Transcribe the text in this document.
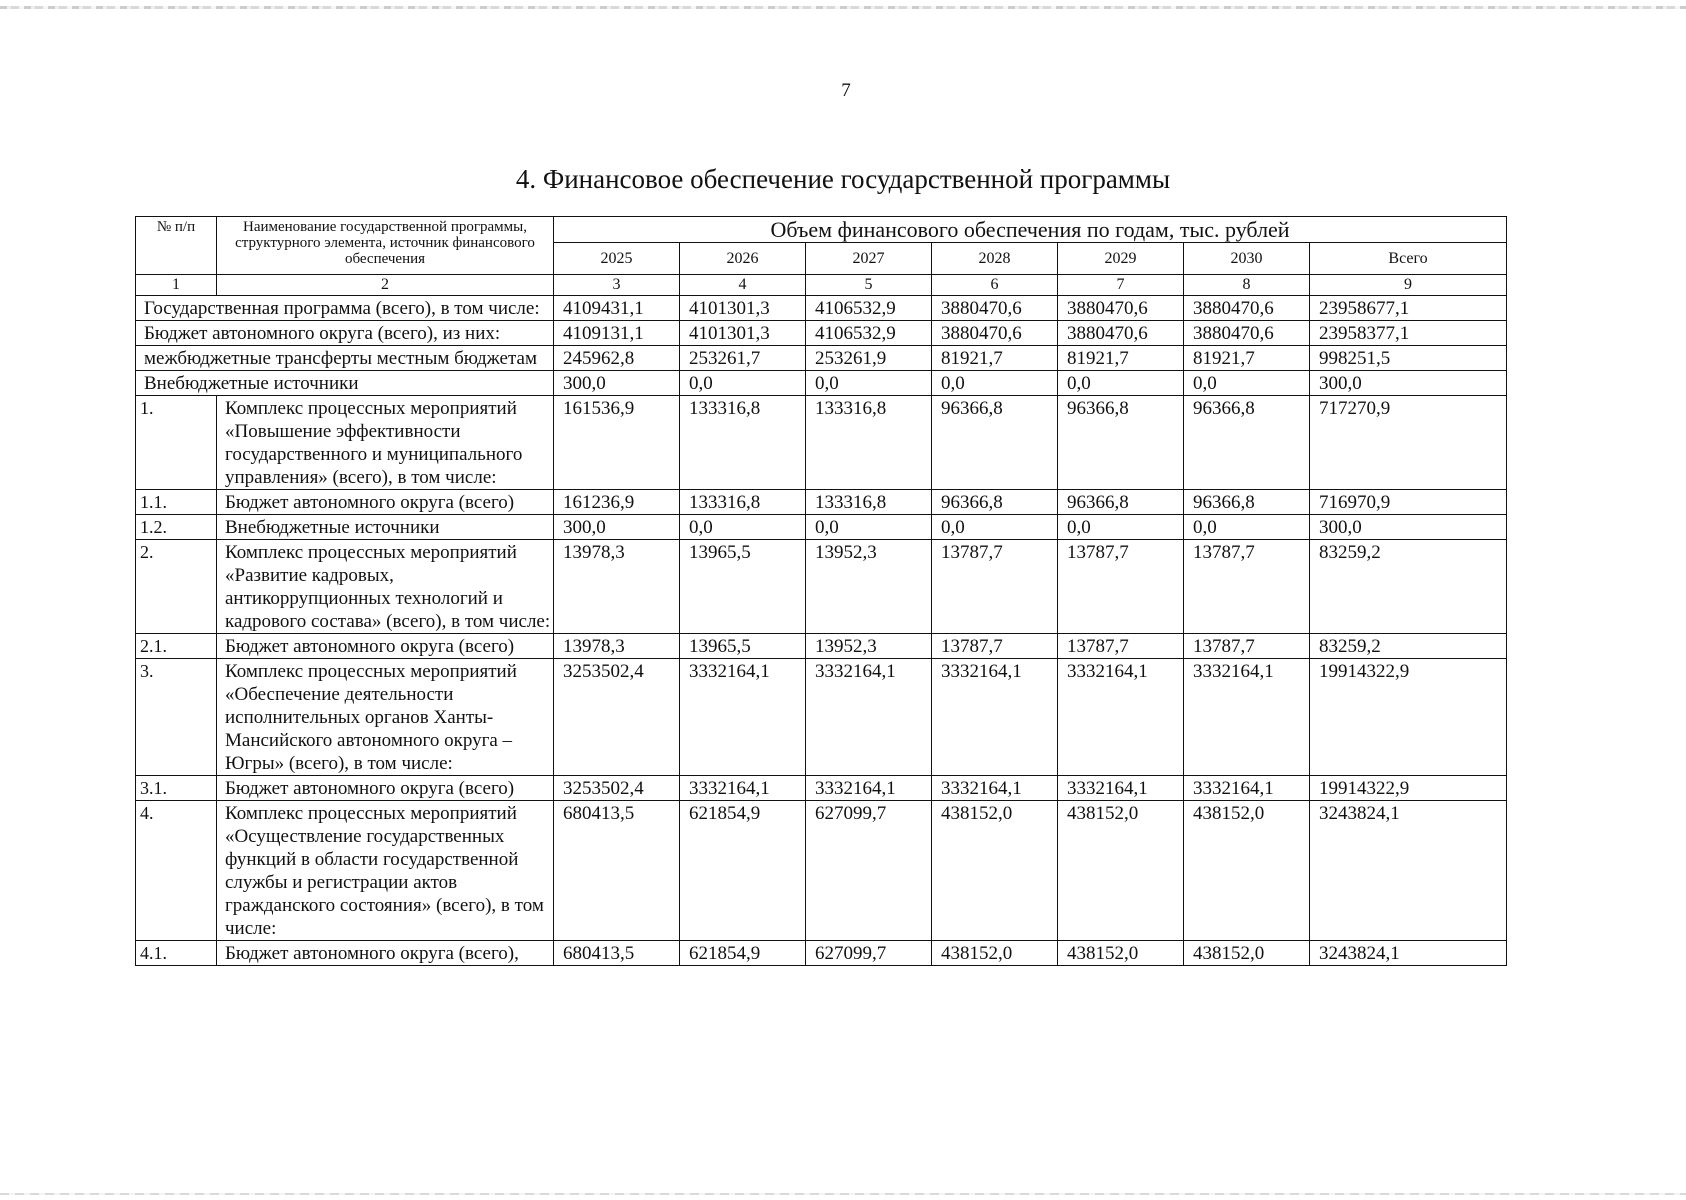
7
4. Финансовое обеспечение государственной программы
№ п/п	Наименование государственной программы, структурного элемента, источник финансового обеспечения	Объем финансового обеспечения по годам, тыс. рублей						
		2025	2026	2027	2028	2029	2030	Всего
1	2	3	4	5	6	7	8	9
Государственная программа (всего), в том числе:		4109431,1	4101301,3	4106532,9	3880470,6	3880470,6	3880470,6	23958677,1
Бюджет автономного округа (всего), из них:		4109131,1	4101301,3	4106532,9	3880470,6	3880470,6	3880470,6	23958377,1
межбюджетные трансферты местным бюджетам		245962,8	253261,7	253261,9	81921,7	81921,7	81921,7	998251,5
Внебюджетные источники		300,0	0,0	0,0	0,0	0,0	0,0	300,0
1.	Комплекс процессных мероприятий «Повышение эффективности государственного и муниципального управления» (всего), в том числе:	161536,9	133316,8	133316,8	96366,8	96366,8	96366,8	717270,9
1.1.	Бюджет автономного округа (всего)	161236,9	133316,8	133316,8	96366,8	96366,8	96366,8	716970,9
1.2.	Внебюджетные источники	300,0	0,0	0,0	0,0	0,0	0,0	300,0
2.	Комплекс процессных мероприятий «Развитие кадровых, антикоррупционных технологий и кадрового состава» (всего), в том числе:	13978,3	13965,5	13952,3	13787,7	13787,7	13787,7	83259,2
2.1.	Бюджет автономного округа (всего)	13978,3	13965,5	13952,3	13787,7	13787,7	13787,7	83259,2
3.	Комплекс процессных мероприятий «Обеспечение деятельности исполнительных органов Ханты-Мансийского автономного округа – Югры» (всего), в том числе:	3253502,4	3332164,1	3332164,1	3332164,1	3332164,1	3332164,1	19914322,9
3.1.	Бюджет автономного округа (всего)	3253502,4	3332164,1	3332164,1	3332164,1	3332164,1	3332164,1	19914322,9
4.	Комплекс процессных мероприятий «Осуществление государственных функций в области государственной службы и регистрации актов гражданского состояния» (всего), в том числе:	680413,5	621854,9	627099,7	438152,0	438152,0	438152,0	3243824,1
4.1.	Бюджет автономного округа (всего),	680413,5	621854,9	627099,7	438152,0	438152,0	438152,0	3243824,1
